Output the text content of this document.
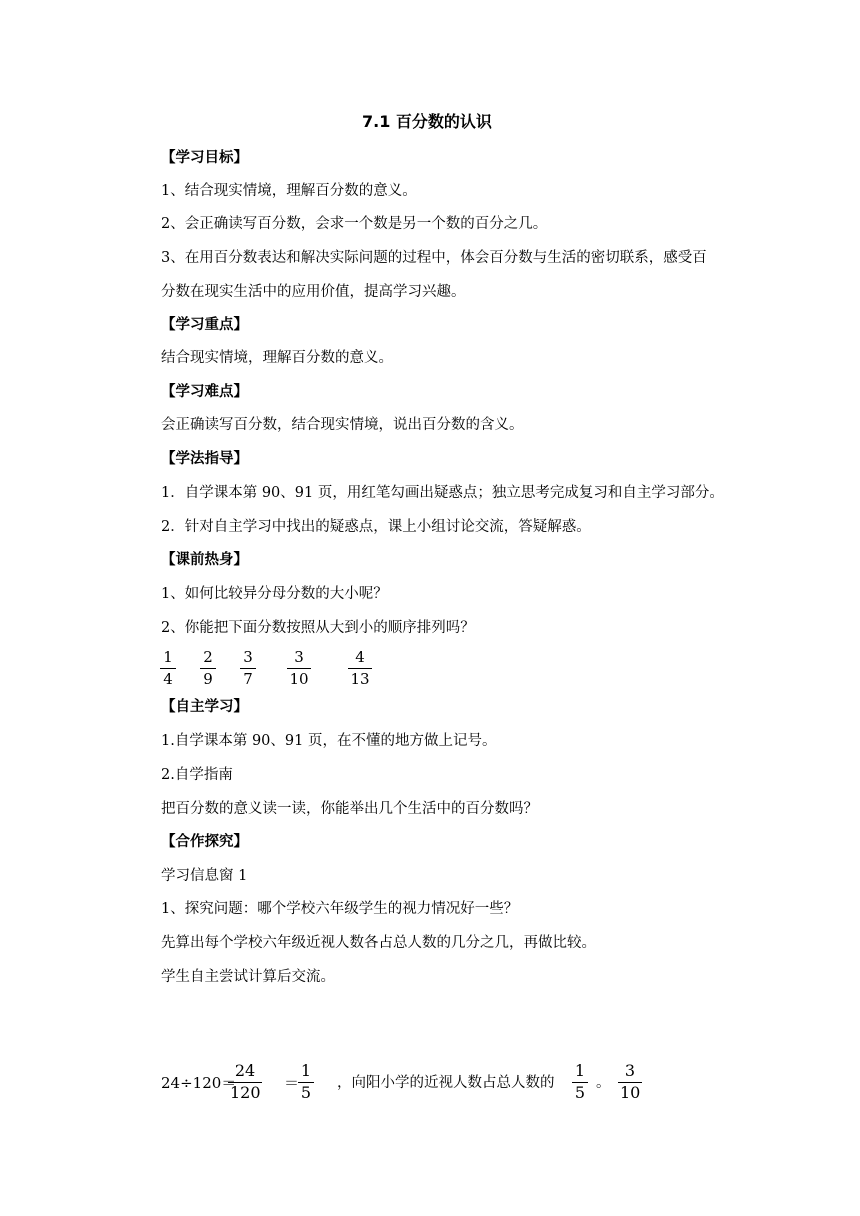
7.1 百分数的认识
【学习目标】
1、结合现实情境，理解百分数的意义。
2、会正确读写百分数，会求一个数是另一个数的百分之几。
3、在用百分数表达和解决实际问题的过程中，体会百分数与生活的密切联系，感受百
分数在现实生活中的应用价值，提高学习兴趣。
【学习重点】
结合现实情境，理解百分数的意义。
【学习难点】
会正确读写百分数，结合现实情境，说出百分数的含义。
【学法指导】
1．自学课本第 90、91 页，用红笔勾画出疑惑点；独立思考完成复习和自主学习部分。
2．针对自主学习中找出的疑惑点，课上小组讨论交流，答疑解惑。
【课前热身】
1、如何比较异分母分数的大小呢？
2、你能把下面分数按照从大到小的顺序排列吗？
1
4
2
9
3
7
3
10
4
13
【自主学习】
1.自学课本第 90、91 页，在不懂的地方做上记号。
2.自学指南
把百分数的意义读一读，你能举出几个生活中的百分数吗？
【合作探究】
学习信息窗 1
1、探究问题：哪个学校六年级学生的视力情况好一些？
先算出每个学校六年级近视人数各占总人数的几分之几，再做比较。
学生自主尝试计算后交流。
24÷120＝
24
120 ＝
1
5 ，向阳小学的近视人数占总人数的
1
5 。
3
10
